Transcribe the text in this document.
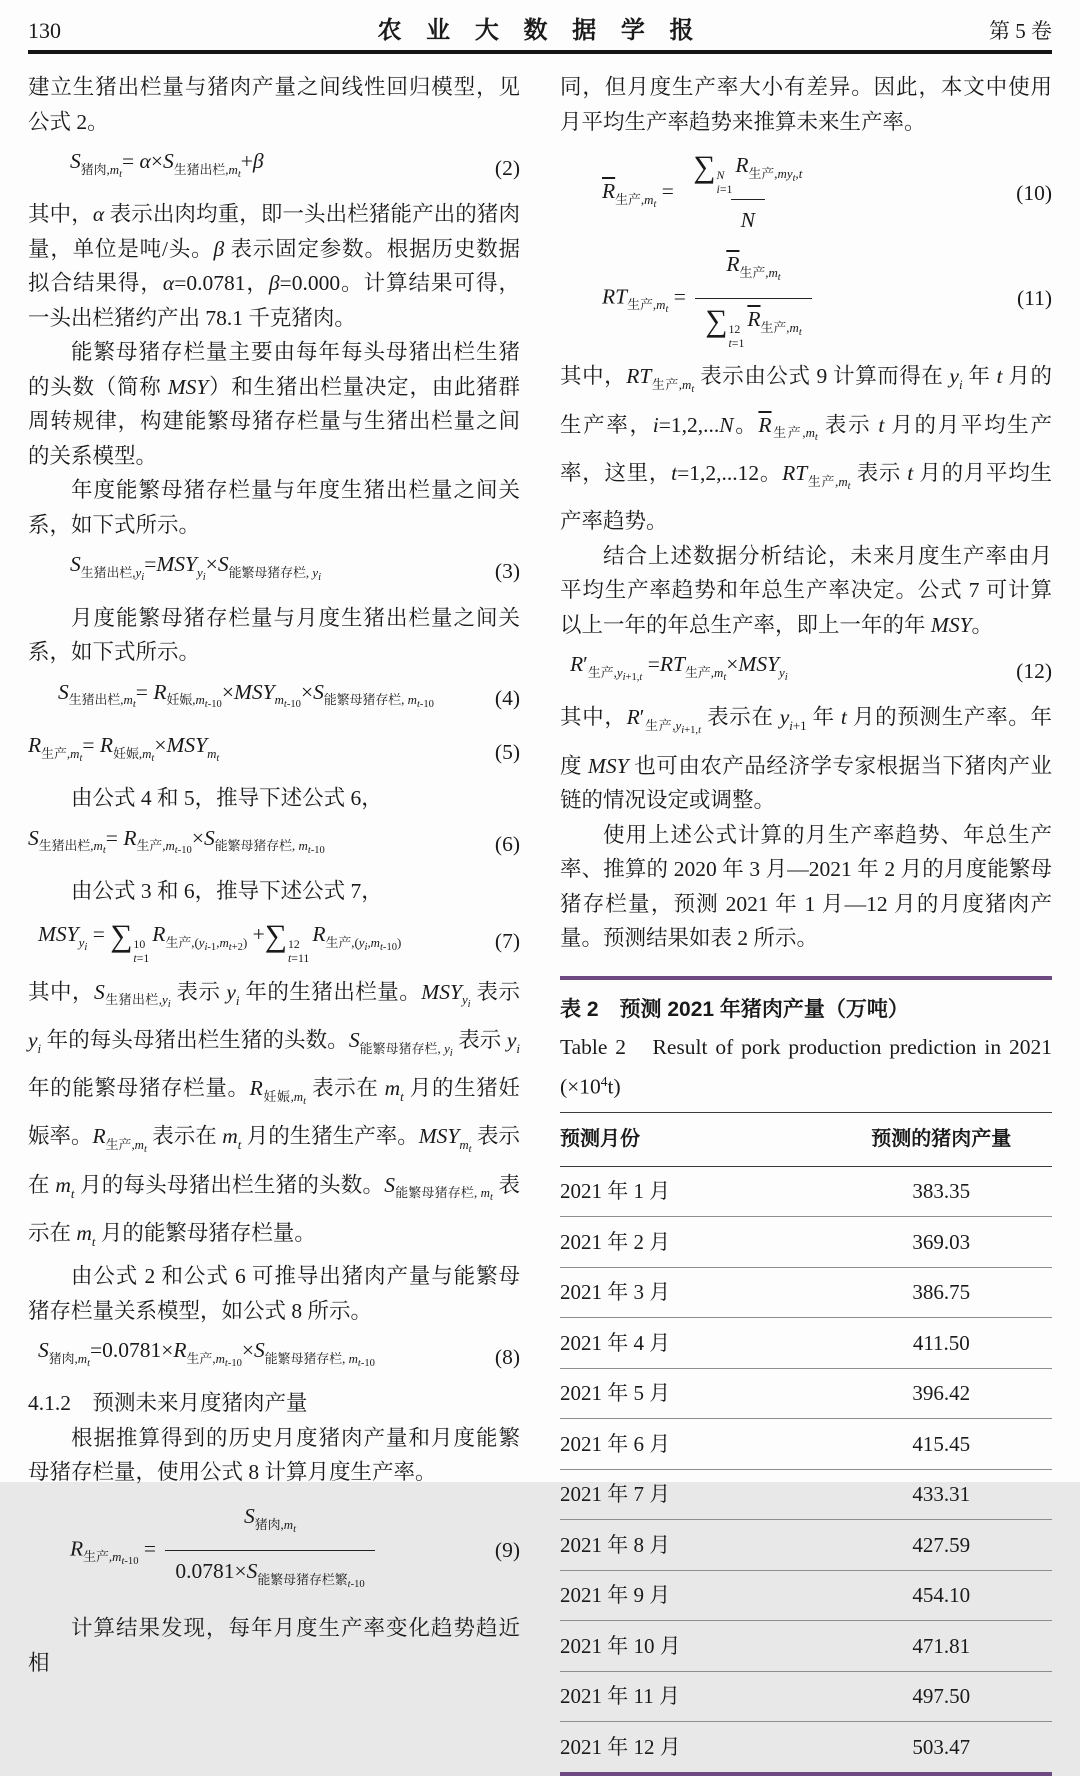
130	农 业 大 数 据 学 报	第 5 卷

建立生猪出栏量与猪肉产量之间线性回归模型，见公式 2。

$S_{猪肉,m_t}= \alpha\times S_{生猪出栏,m_t}+\beta$	(2)

其中，α 表示出肉均重，即一头出栏猪能产出的猪肉量，单位是吨/头。β 表示固定参数。根据历史数据拟合结果得，α=0.0781，β=0.000。计算结果可得，一头出栏猪约产出 78.1 千克猪肉。

能繁母猪存栏量主要由每年每头母猪出栏生猪的头数（简称 MSY）和生猪出栏量决定，由此猪群周转规律，构建能繁母猪存栏量与生猪出栏量之间的关系模型。

年度能繁母猪存栏量与年度生猪出栏量之间关系，如下式所示。

$S_{生猪出栏,y_i}=MSY_{y_i}\times S_{能繁母猪存栏, y_i}$	(3)

月度能繁母猪存栏量与月度生猪出栏量之间关系，如下式所示。

$S_{生猪出栏,m_t}= R_{妊娠,m_{t-10}}\times MSY_{m_{t-10}}\times S_{能繁母猪存栏, m_{t-10}}$	(4)
$R_{生产,m_t}= R_{妊娠,m_t}\times MSY_{m_t}$	(5)

由公式 4 和 5，推导下述公式 6，

$S_{生猪出栏,m_t}= R_{生产,m_{t-10}}\times S_{能繁母猪存栏, m_{t-10}}$	(6)

由公式 3 和 6，推导下述公式 7，

$MSY_{y_i}$ = ∑ 10
t=1
$R_{生产,(y_{i-1},m_{t+2})}$ +∑ 12
t=11
$R_{生产,(y_i,m_{t-10})}$	(7)

其中，$S_{生猪出栏,y_i}$ 表示 $y_i$ 年的生猪出栏量。$MSY_{y_i}$ 表示 $y_i$ 年的每头母猪出栏生猪的头数。$S_{能繁母猪存栏, y_i}$ 表示 $y_i$ 年的能繁母猪存栏量。$R_{妊娠,m_t}$ 表示在 $m_t$ 月的生猪妊娠率。$R_{生产,m_t}$ 表示在 $m_t$ 月的生猪生产率。$MSY_{m_t}$ 表示在 $m_t$ 月的每头母猪出栏生猪的头数。$S_{能繁母猪存栏, m_t}$ 表示在 $m_t$ 月的能繁母猪存栏量。

由公式 2 和公式 6 可推导出猪肉产量与能繁母猪存栏量关系模型，如公式 8 所示。

$S_{猪肉,m_t}=0.0781\times R_{生产,m_{t-10}}\times S_{能繁母猪存栏, m_{t-10}}$	(8)

4.1.2　预测未来月度猪肉产量

根据推算得到的历史月度猪肉产量和月度能繁母猪存栏量，使用公式 8 计算月度生产率。

$R_{生产,m_{t-10}} = \frac{S_{猪肉,m_t}}{0.0781\times S_{能繁母猪存栏繁_{t-10}}}$	(9)

计算结果发现，每年月度生产率变化趋势趋近相

同，但月度生产率大小有差异。因此，本文中使用月平均生产率趋势来推算未来生产率。

$\overline{R}_{生产,m_t}$ = ∑ N
i=1
$R_{生产,my_t,t}$
N	(10)
$RT_{生产,m_t} = \overline{R}_{生产,m_t}$
∑ 12
t=1
$\overline{R}_{生产,m_t}$	(11)

其中，$RT_{生产,m_t}$ 表示由公式 9 计算而得在 $y_i$ 年 t 月的生产率，i=1,2,...N。$\overline{R}_{生产,m_t}$ 表示 t 月的月平均生产率，这里，t=1,2,...12。$RT_{生产,m_t}$ 表示 t 月的月平均生产率趋势。

结合上述数据分析结论，未来月度生产率由月平均生产率趋势和年总生产率决定。公式 7 可计算以上一年的年总生产率，即上一年的年 MSY。

$R'_{生产,y_{i+1,t}} =RT_{生产,m_t}\times MSY_{y_i}$	(12)

其中，$R'_{生产,y_{i+1,t}}$ 表示在 $y_{i+1}$ 年 t 月的预测生产率。年度 MSY 也可由农产品经济学专家根据当下猪肉产业链的情况设定或调整。

使用上述公式计算的月生产率趋势、年总生产率、推算的 2020 年 3 月—2021 年 2 月的月度能繁母猪存栏量，预测 2021 年 1 月—12 月的月度猪肉产量。预测结果如表 2 所示。

表 2　预测 2021 年猪肉产量（万吨）
Table 2　Result of pork production prediction in 2021 $(\times 10^4t)$
预测月份	预测的猪肉产量
2021 年 1 月	383.35
2021 年 2 月	369.03
2021 年 3 月	386.75
2021 年 4 月	411.50
2021 年 5 月	396.42
2021 年 6 月	415.45
2021 年 7 月	433.31
2021 年 8 月	427.59
2021 年 9 月	454.10
2021 年 10 月	471.81
2021 年 11 月	497.50
2021 年 12 月	503.47
